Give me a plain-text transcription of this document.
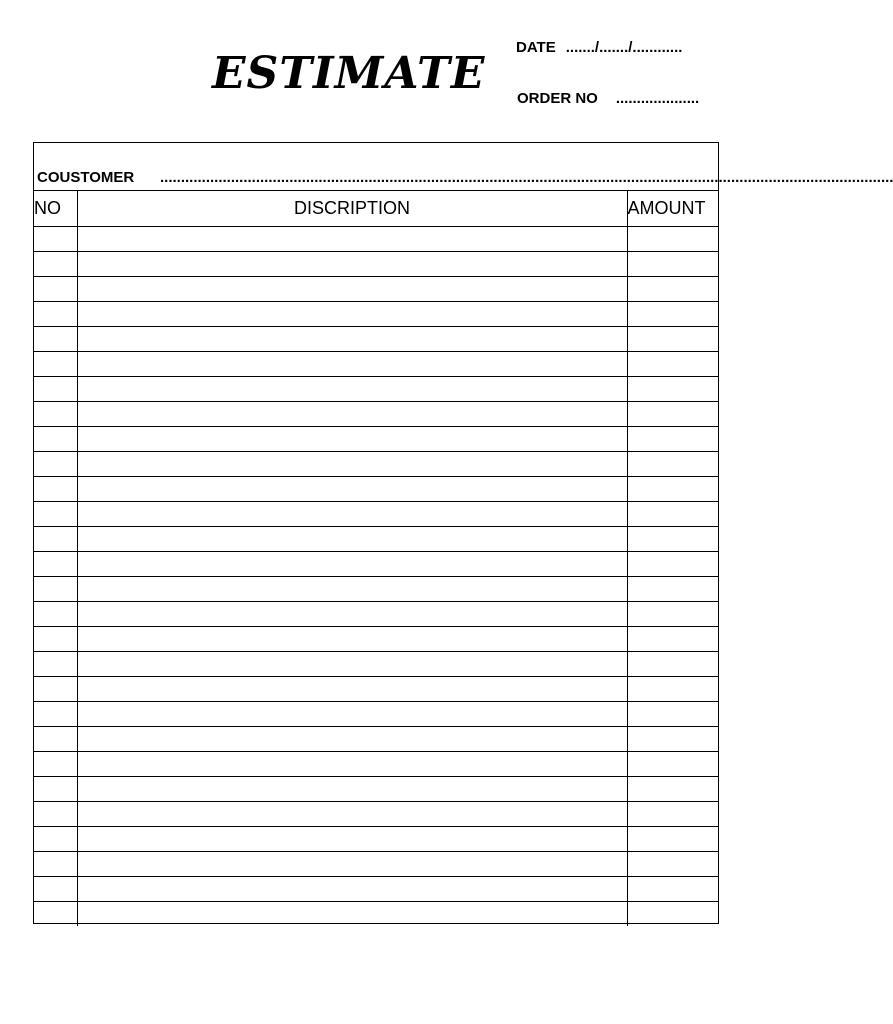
ESTIMATE
DATE ......./......./............
ORDER NO ....................
COUSTOMER ................................................................................................................................................................................
NO	DISCRIPTION	AMOUNT
